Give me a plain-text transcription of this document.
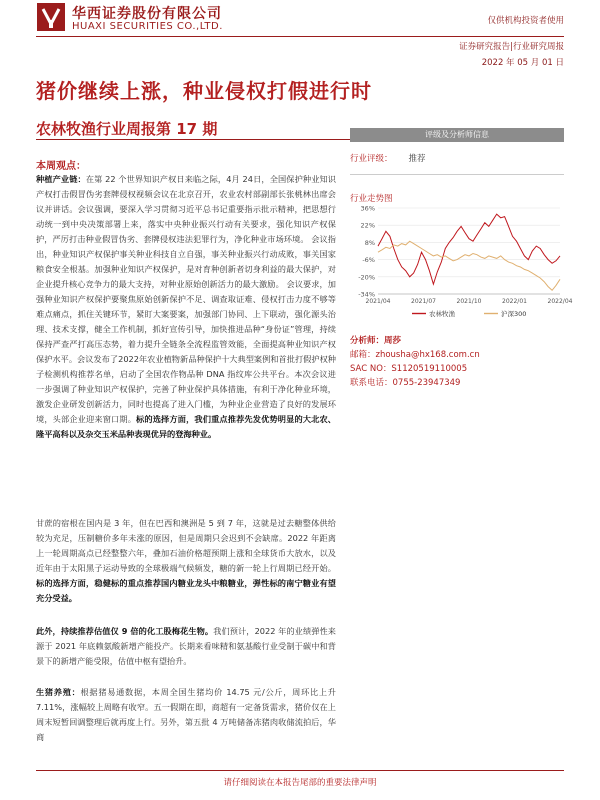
华西证券股份有限公司
HUAXI SECURITIES CO.,LTD.	仅供机构投资者使用
证券研究报告|行业研究周报
2022 年 05 月 01 日
猪价继续上涨，种业侵权打假进行时
农林牧渔行业周报第 17 期
本周观点：
种植产业链：在第 22 个世界知识产权日来临之际，4月 24日，全国保护种业知识产权打击假冒伪劣套牌侵权视频会议在北京召开，农业农村部副部长张桃林出席会议并讲话。会议强调，要深入学习贯彻习近平总书记重要指示批示精神，把思想行动统一到中央决策部署上来，落实中央种业振兴行动有关要求，强化知识产权保护，严厉打击种业假冒伪劣、套牌侵权违法犯罪行为，净化种业市场环境。 会议指出，种业知识产权保护事关种业科技自立自强，事关种业振兴行动成败，事关国家粮食安全根基。加强种业知识产权保护，是对育种创新者切身利益的最大保护，对企业提升核心竞争力的最大支持，对种业原始创新活力的最大激励。 会议要求，加强种业知识产权保护要聚焦原始创新保护不足、调查取证难、侵权打击力度不够等难点痛点，抓住关键环节，紧盯大案要案，加强部门协同、上下联动，强化源头治理、技术支撑，健全工作机制，抓好宣传引导，加快推进品种“身份证”管理，持续保持严查严打高压态势，着力提升全链条全流程监管效能，全面提高种业知识产权保护水平。会议发布了2022年农业植物新品种保护十大典型案例和首批打假护权种子检测机构推荐名单，启动了全国农作物品种 DNA 指纹库公共平台。本次会议进一步强调了种业知识产权保护，完善了种业保护具体措施，有利于净化种业环境，激发企业研发创新活力，同时也提高了进入门槛，为种业企业营造了良好的发展环境，头部企业迎来窗口期。标的选择方面，我们重点推荐先发优势明显的大北农、隆平高科以及杂交玉米品种表现优异的登海种业。
甘蔗的宿根在国内是 3 年，但在巴西和澳洲是 5 到 7 年，这就是过去糖整体供给较为充足，压制糖价多年未涨的原因，但是周期只会迟到不会缺席。2022 年距离上一轮周期高点已经整整六年，叠加石油价格超预期上涨和全球货币大放水，以及近年由于太阳黑子运动导致的全球极端气候频发，糖的新一轮上行周期已经开始。标的选择方面，稳健标的重点推荐国内糖业龙头中粮糖业，弹性标的南宁糖业有望充分受益。
此外，持续推荐估值仅 9 倍的化工股梅花生物。我们预计，2022 年的业绩弹性来源于 2021 年底赖氨酸新增产能投产。长期来看味精和氨基酸行业受制于碳中和背景下的新增产能受限，估值中枢有望抬升。
生猪养殖：根据猪易通数据，本周全国生猪均价 14.75 元/公斤，周环比上升 7.11%，涨幅较上周略有收窄。五一假期在即，商超有一定备货需求，猪价仅在上周末短暂回调整理后就再度上行。另外，第五批 4 万吨储备冻猪肉收储流拍后，华商
评级及分析师信息
行业评级： 推荐
行业走势图
36%
22%
8%
-6%
-20%
-34%
2021/04	2021/07	2021/10	2022/01	2022/04
农林牧渔	沪深300
分析师：周莎
邮箱：zhousha@hx168.com.cn
SAC NO：S1120519110005
联系电话：0755-23947349
请仔细阅读在本报告尾部的重要法律声明
